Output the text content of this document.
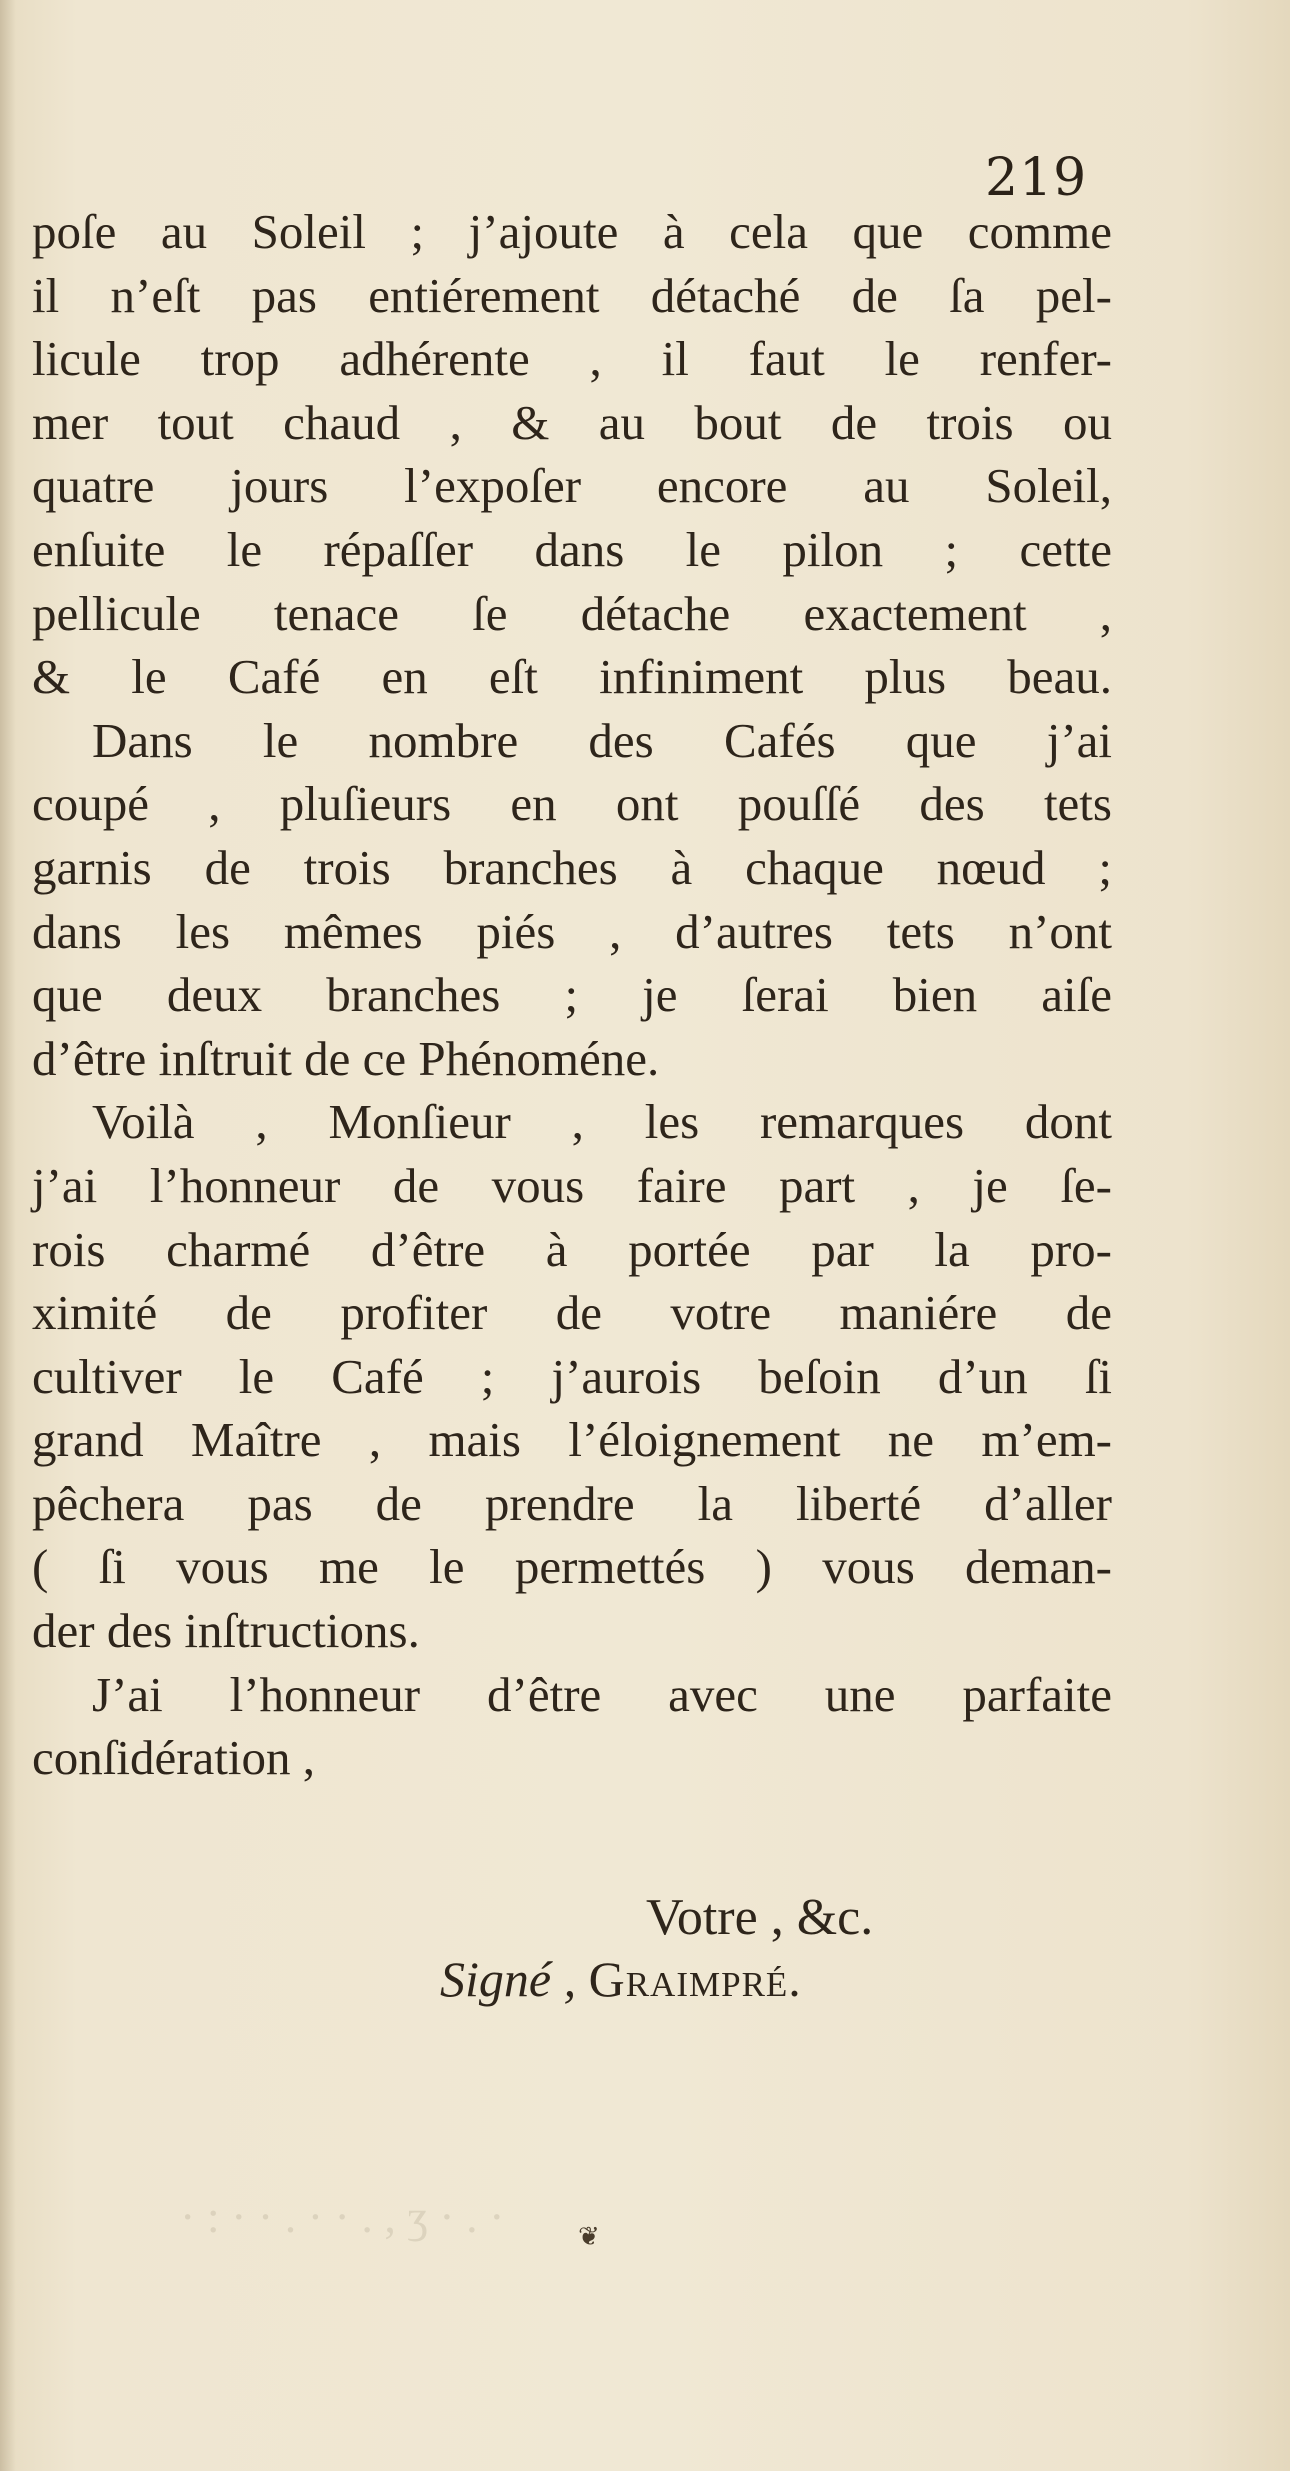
· : · · . · · . , ʒ · . ·
219
poſe au Soleil ; j’ajoute à cela que comme
il n’eſt pas entiérement détaché de ſa pel-
licule trop adhérente , il faut le renfer-
mer tout chaud , & au bout de trois ou
quatre jours l’expoſer encore au Soleil,
enſuite le répaſſer dans le pilon ; cette
pellicule tenace ſe détache exactement ,
& le Café en eſt infiniment plus beau.
Dans le nombre des Cafés que j’ai
coupé , pluſieurs en ont pouſſé des tets
garnis de trois branches à chaque nœud ;
dans les mêmes piés , d’autres tets n’ont
que deux branches ; je ſerai bien aiſe
d’être inſtruit de ce Phénoméne.
Voilà , Monſieur , les remarques dont
j’ai l’honneur de vous faire part , je ſe-
rois charmé d’être à portée par la pro-
ximité de profiter de votre maniére de
cultiver le Café ; j’aurois beſoin d’un ſi
grand Maître , mais l’éloignement ne m’em-
pêchera pas de prendre la liberté d’aller
( ſi vous me le permettés ) vous deman-
der des inſtructions.
J’ai l’honneur d’être avec une parfaite
conſidération ,
Votre , &c.
Signé , Graimpré.
❦
